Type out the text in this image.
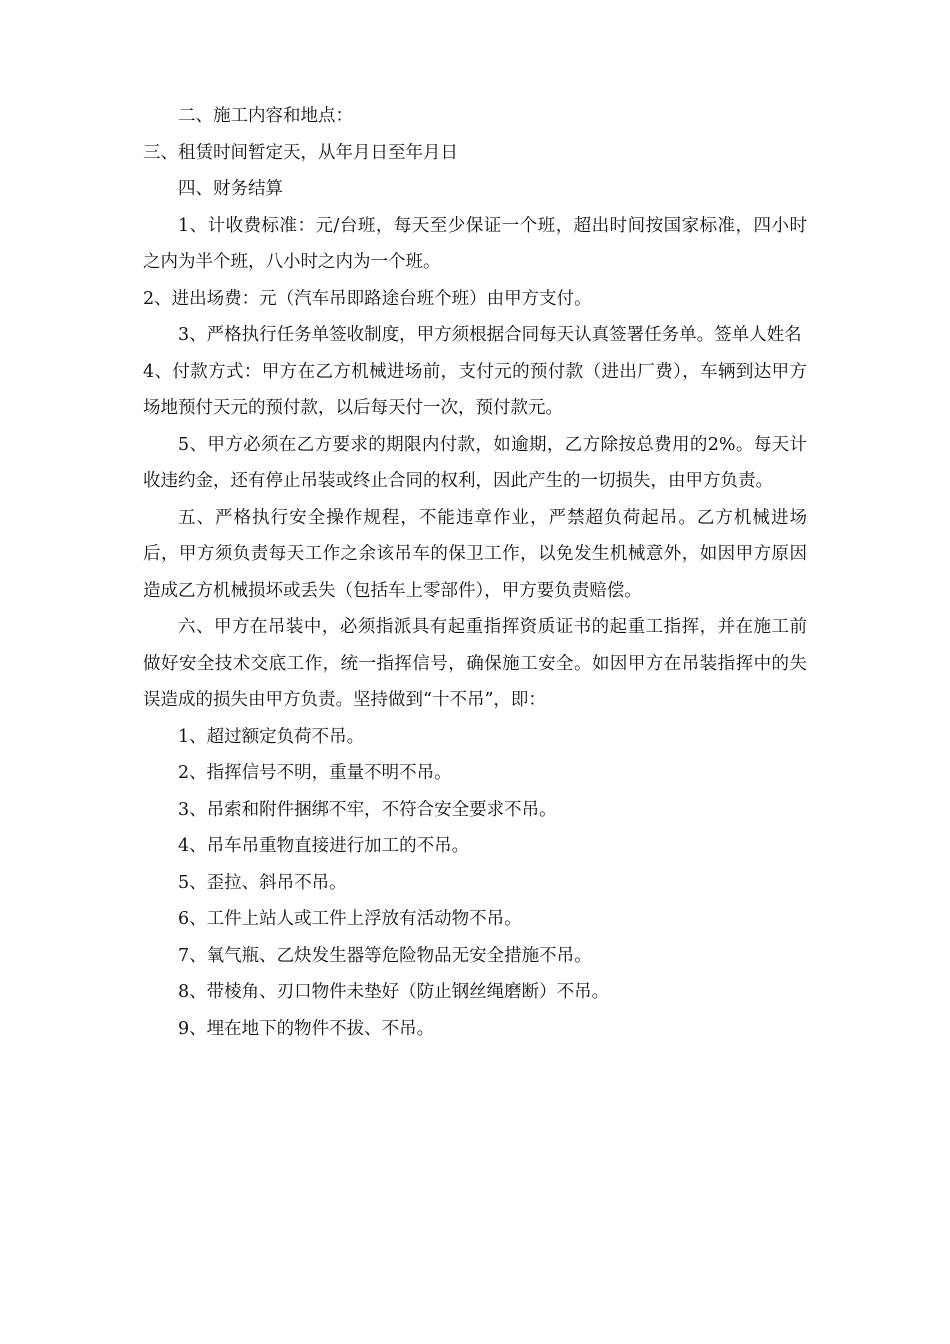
二、施工内容和地点：

三、租赁时间暂定天，从年月日至年月日

四、财务结算

1、计收费标准：元/台班，每天至少保证一个班，超出时间按国家标准，四小时之内为半个班，八小时之内为一个班。

2、进出场费：元（汽车吊即路途台班个班）由甲方支付。

3、严格执行任务单签收制度，甲方须根据合同每天认真签署任务单。签单人姓名

4、付款方式：甲方在乙方机械进场前，支付元的预付款（进出厂费），车辆到达甲方场地预付天元的预付款，以后每天付一次，预付款元。

5、甲方必须在乙方要求的期限内付款，如逾期，乙方除按总费用的2%。每天计收违约金，还有停止吊装或终止合同的权利，因此产生的一切损失，由甲方负责。

五、严格执行安全操作规程，不能违章作业，严禁超负荷起吊。乙方机械进场后，甲方须负责每天工作之余该吊车的保卫工作，以免发生机械意外，如因甲方原因造成乙方机械损坏或丢失（包括车上零部件），甲方要负责赔偿。

六、甲方在吊装中，必须指派具有起重指挥资质证书的起重工指挥，并在施工前做好安全技术交底工作，统一指挥信号，确保施工安全。如因甲方在吊装指挥中的失误造成的损失由甲方负责。坚持做到“十不吊”，即：

1、超过额定负荷不吊。

2、指挥信号不明，重量不明不吊。

3、吊索和附件捆绑不牢，不符合安全要求不吊。

4、吊车吊重物直接进行加工的不吊。

5、歪拉、斜吊不吊。

6、工件上站人或工件上浮放有活动物不吊。

7、氧气瓶、乙炔发生器等危险物品无安全措施不吊。

8、带棱角、刃口物件未垫好（防止钢丝绳磨断）不吊。

9、埋在地下的物件不拔、不吊。
